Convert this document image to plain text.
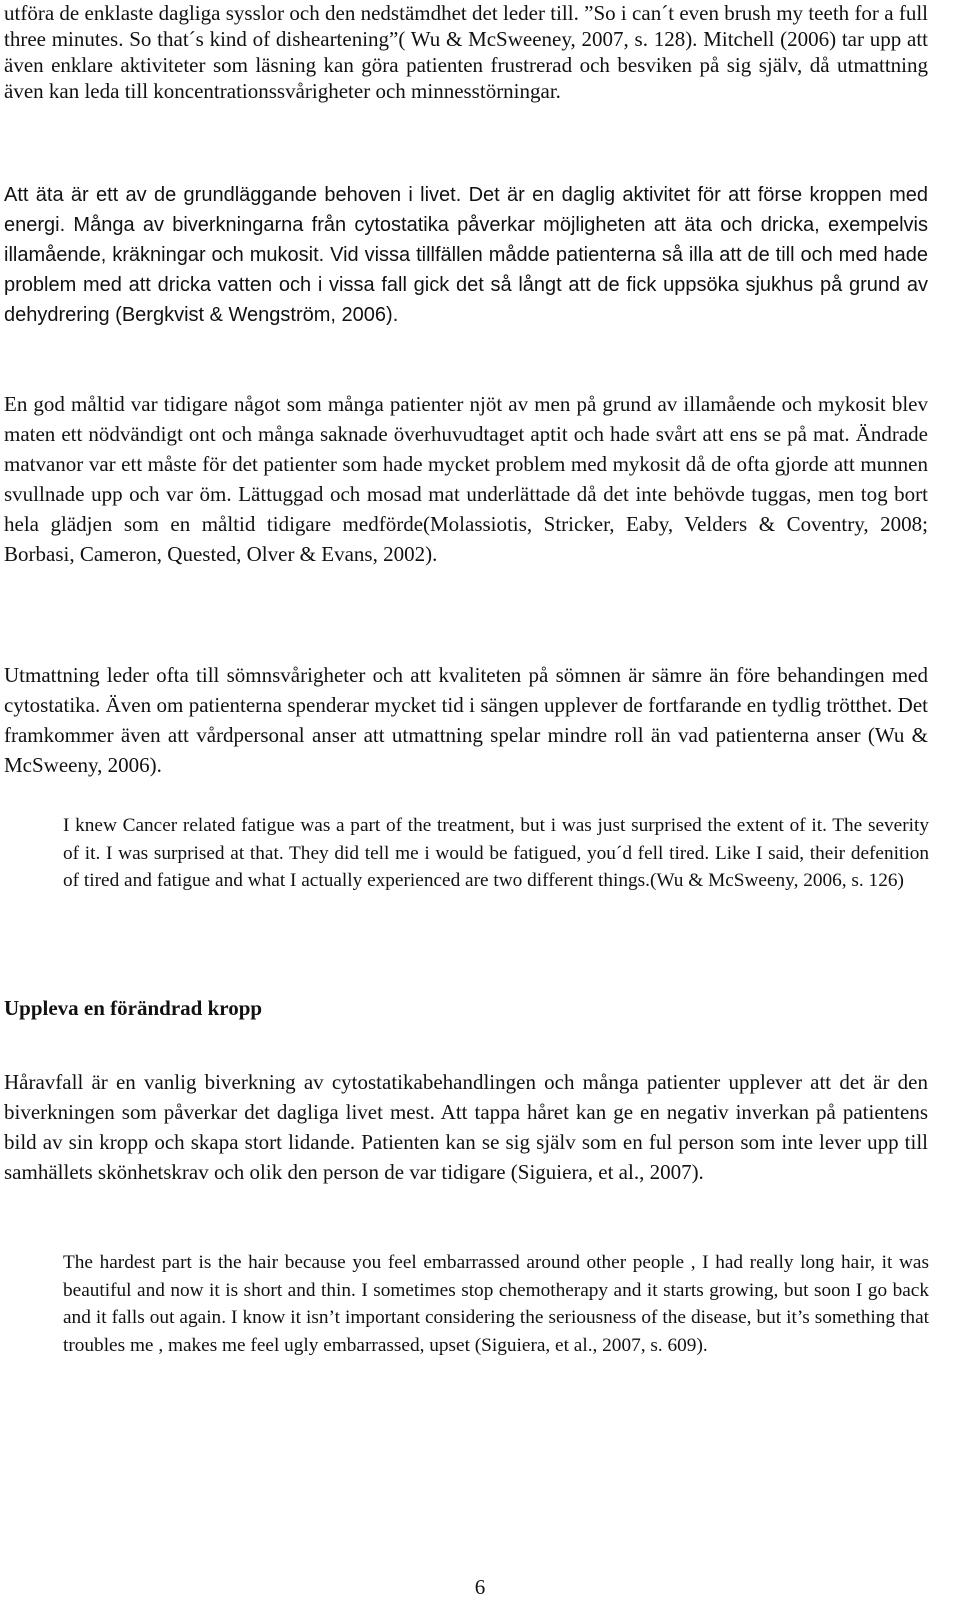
utföra de enklaste dagliga sysslor och den nedstämdhet det leder till. ”So i can´t even brush my teeth for a full three minutes. So that´s kind of disheartening”( Wu & McSweeney, 2007, s. 128). Mitchell (2006) tar upp att även enklare aktiviteter som läsning kan göra patienten frustrerad och besviken på sig själv, då utmattning även kan leda till koncentrationssvårigheter och minnesstörningar.

Att äta är ett av de grundläggande behoven i livet. Det är en daglig aktivitet för att förse kroppen med energi. Många av biverkningarna från cytostatika påverkar möjligheten att äta och dricka, exempelvis illamående, kräkningar och mukosit. Vid vissa tillfällen mådde patienterna så illa att de till och med hade problem med att dricka vatten och i vissa fall gick det så långt att de fick uppsöka sjukhus på grund av dehydrering (Bergkvist & Wengström, 2006).

En god måltid var tidigare något som många patienter njöt av men på grund av illamående och mykosit blev maten ett nödvändigt ont och många saknade överhuvudtaget aptit och hade svårt att ens se på mat. Ändrade matvanor var ett måste för det patienter som hade mycket problem med mykosit då de ofta gjorde att munnen svullnade upp och var öm. Lättuggad och mosad mat underlättade då det inte behövde tuggas, men tog bort hela glädjen som en måltid tidigare medförde(Molassiotis, Stricker, Eaby, Velders & Coventry, 2008; Borbasi, Cameron, Quested, Olver & Evans, 2002).

Utmattning leder ofta till sömnsvårigheter och att kvaliteten på sömnen är sämre än före behandingen med cytostatika. Även om patienterna spenderar mycket tid i sängen upplever de fortfarande en tydlig trötthet. Det framkommer även att vårdpersonal anser att utmattning spelar mindre roll än vad patienterna anser (Wu & McSweeny, 2006).

I knew Cancer related fatigue was a part of the treatment, but i was just surprised the extent of it. The severity of it. I was surprised at that. They did tell me i would be fatigued, you´d fell tired. Like I said, their defenition of tired and fatigue and what I actually experienced are two different things.(Wu & McSweeny, 2006, s. 126)
Uppleva en förändrad kropp

Håravfall är en vanlig biverkning av cytostatikabehandlingen och många patienter upplever att det är den biverkningen som påverkar det dagliga livet mest. Att tappa håret kan ge en negativ inverkan på patientens bild av sin kropp och skapa stort lidande. Patienten kan se sig själv som en ful person som inte lever upp till samhällets skönhetskrav och olik den person de var tidigare (Siguiera, et al., 2007).

The hardest part is the hair because you feel embarrassed around other people , I had really long hair, it was beautiful and now it is short and thin. I sometimes stop chemotherapy and it starts growing, but soon I go back and it falls out again. I know it isn’t important considering the seriousness of the disease, but it’s something that troubles me , makes me feel ugly embarrassed, upset (Siguiera, et al., 2007, s. 609).
6
